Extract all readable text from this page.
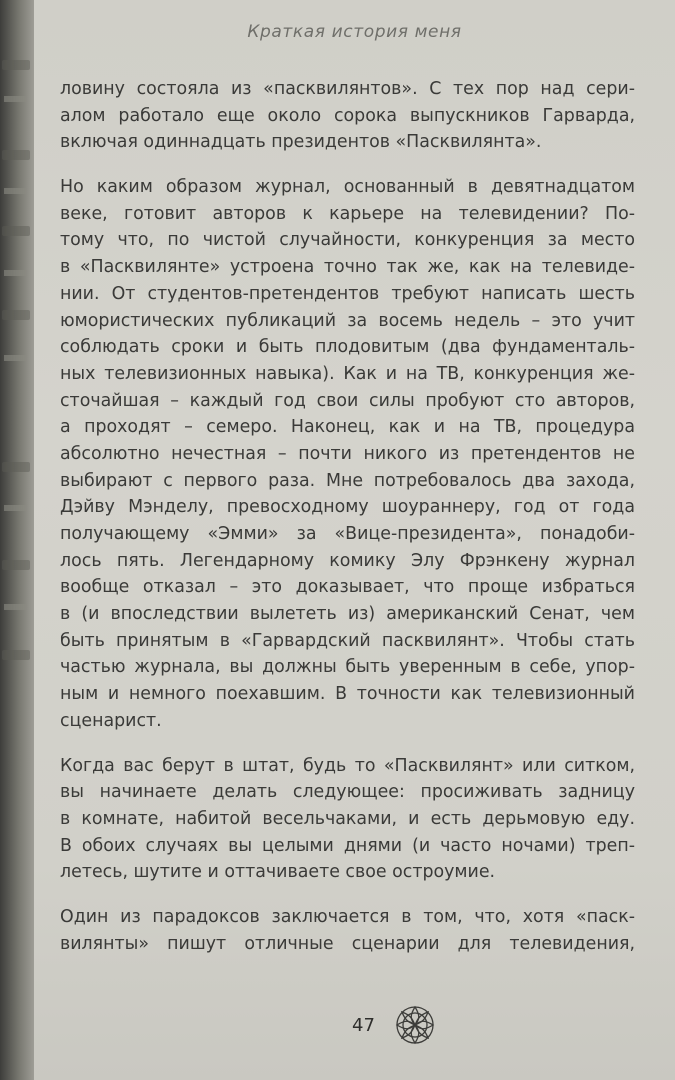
Краткая история меня
ловину состояла из «пасквилянтов». С тех пор над сери-
алом работало еще около сорока выпускников Гарварда,
включая одиннадцать президентов «Пасквилянта».
Но каким образом журнал, основанный в девятнадцатом
веке, готовит авторов к карьере на телевидении? По-
тому что, по чистой случайности, конкуренция за место
в «Пасквилянте» устроена точно так же, как на телевиде-
нии. От студентов-претендентов требуют написать шесть
юмористических публикаций за восемь недель – это учит
соблюдать сроки и быть плодовитым (два фундаменталь-
ных телевизионных навыка). Как и на ТВ, конкуренция же-
сточайшая – каждый год свои силы пробуют сто авторов,
а проходят – семеро. Наконец, как и на ТВ, процедура
абсолютно нечестная – почти никого из претендентов не
выбирают с первого раза. Мне потребовалось два захода,
Дэйву Мэнделу, превосходному шоураннеру, год от года
получающему «Эмми» за «Вице-президента», понадоби-
лось пять. Легендарному комику Элу Фрэнкену журнал
вообще отказал – это доказывает, что проще избраться
в (и впоследствии вылететь из) американский Сенат, чем
быть принятым в «Гарвардский пасквилянт». Чтобы стать
частью журнала, вы должны быть уверенным в себе, упор-
ным и немного поехавшим. В точности как телевизионный
сценарист.
Когда вас берут в штат, будь то «Пасквилянт» или ситком,
вы начинаете делать следующее: просиживать задницу
в комнате, набитой весельчаками, и есть дерьмовую еду.
В обоих случаях вы целыми днями (и часто ночами) треп-
летесь, шутите и оттачиваете свое остроумие.
Один из парадоксов заключается в том, что, хотя «паск-
вилянты» пишут отличные сценарии для телевидения,
47
